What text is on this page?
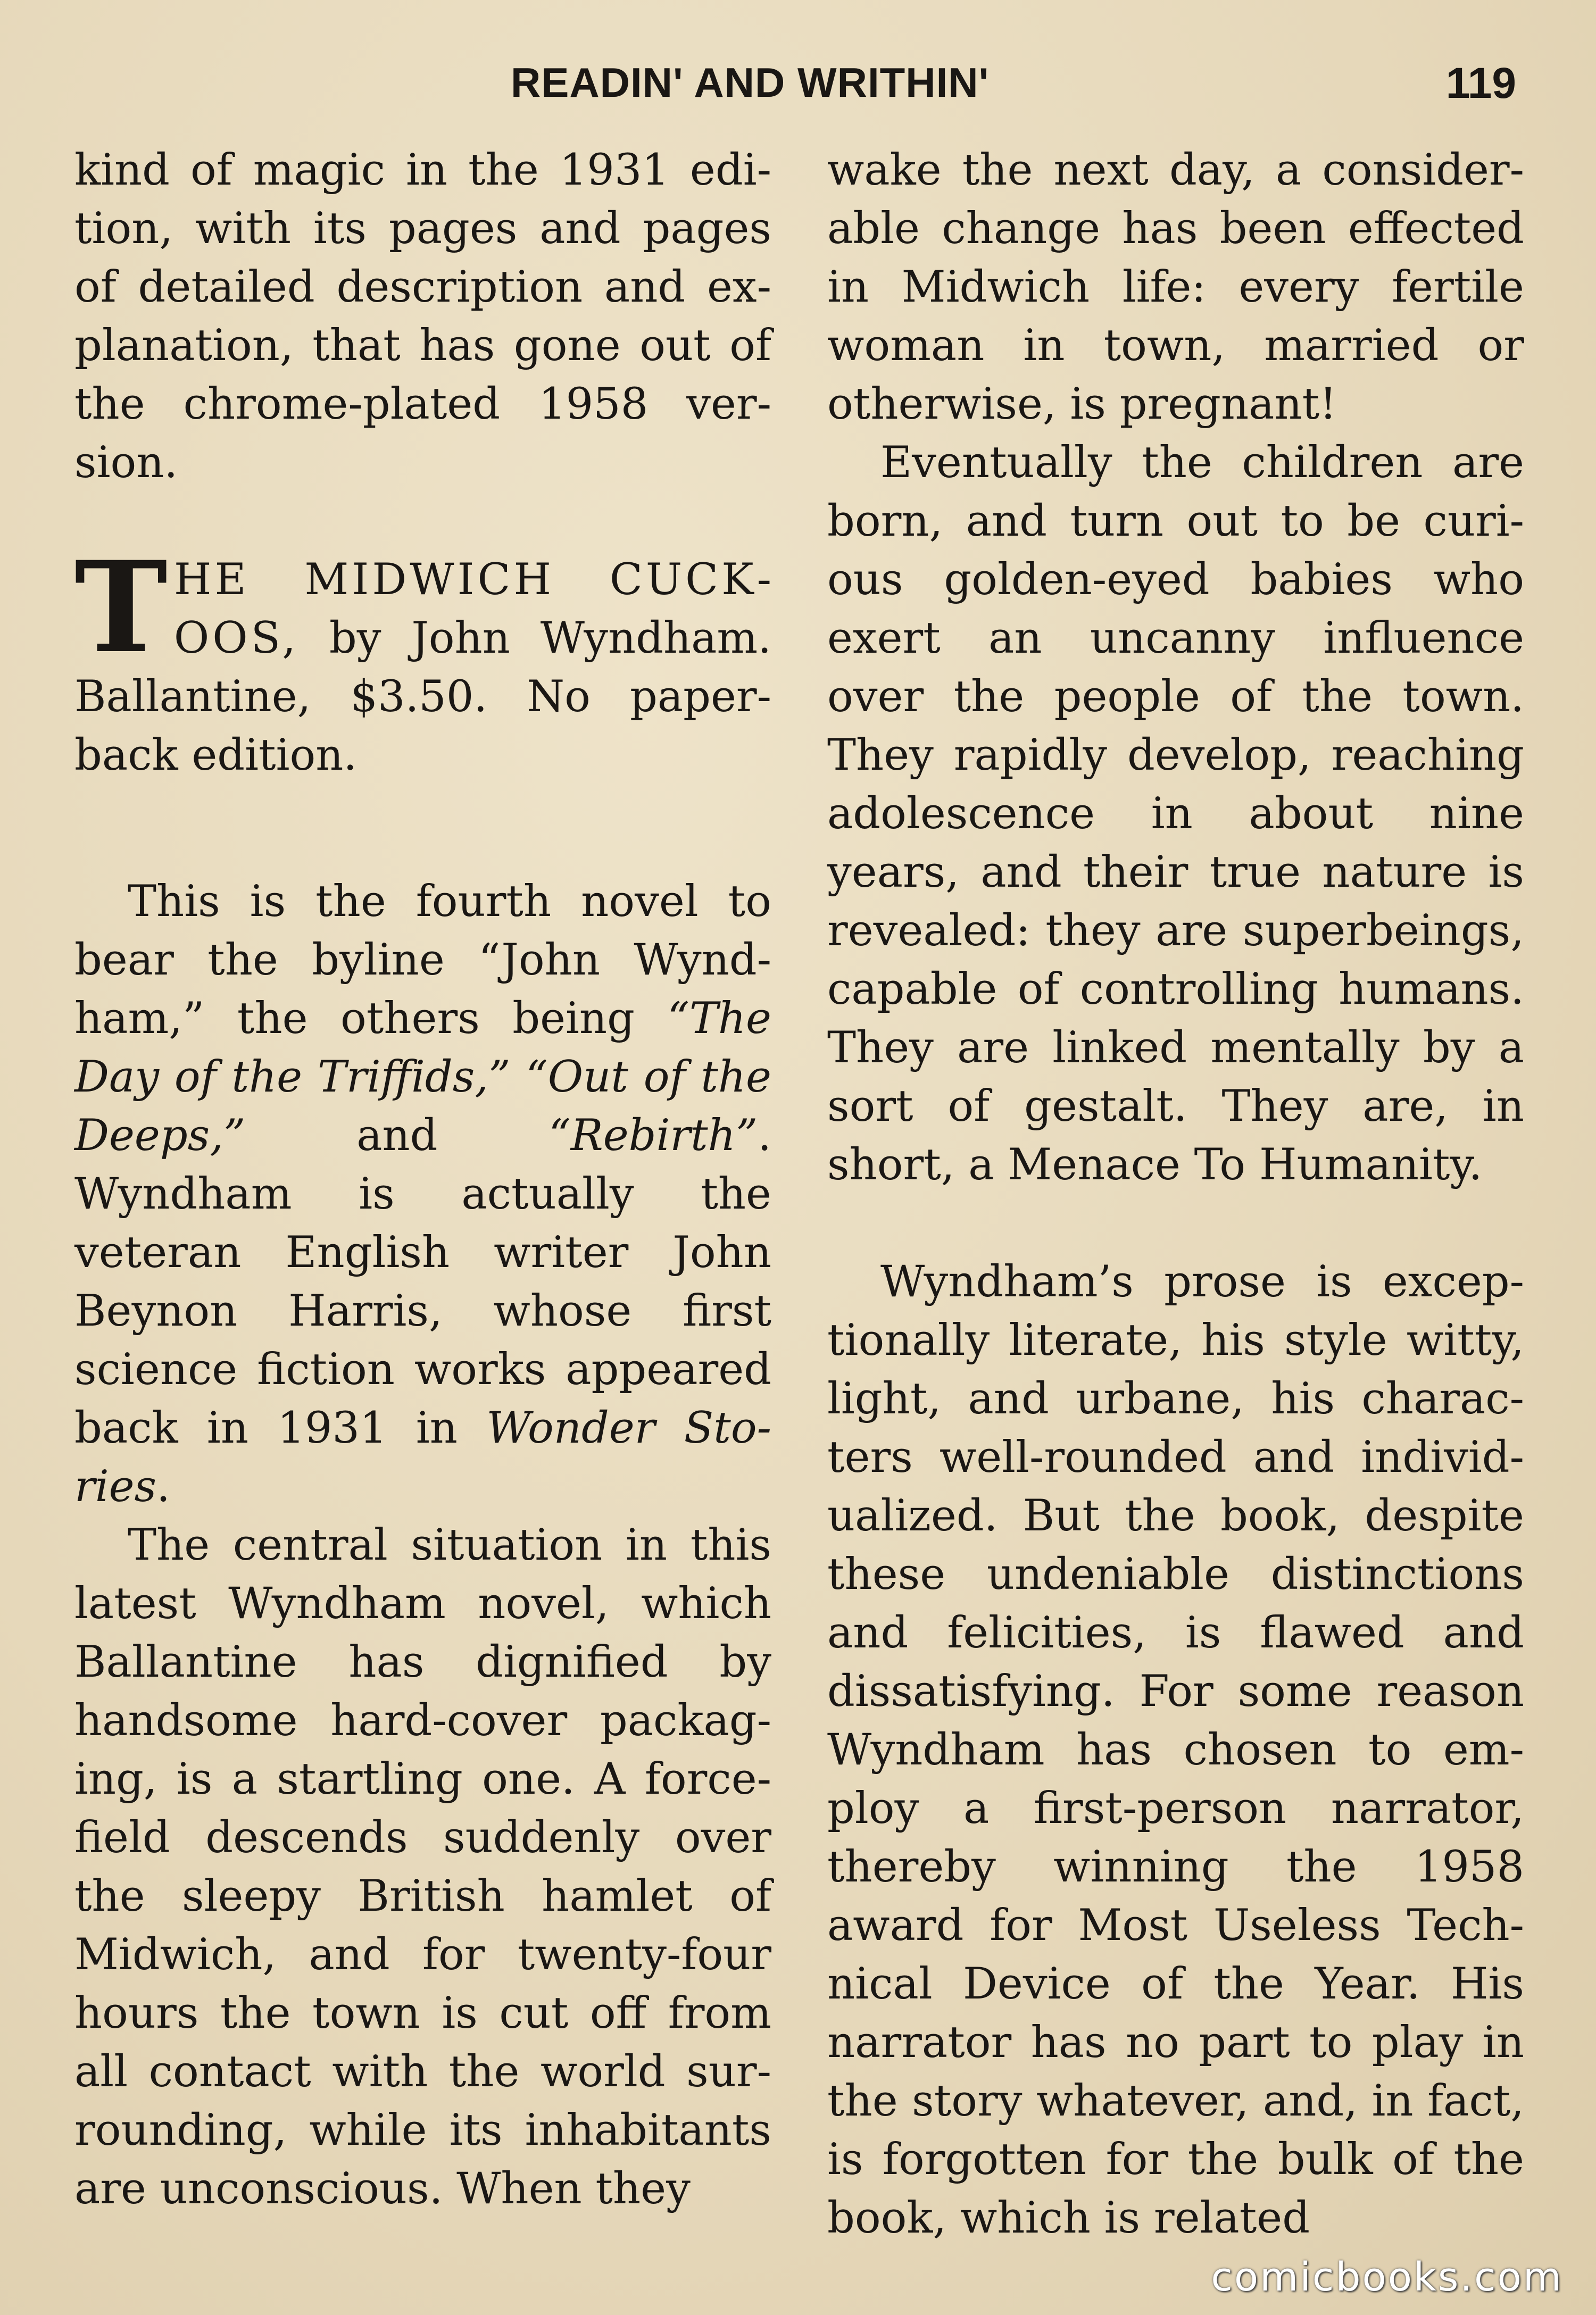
READIN' AND WRITHIN'	119

kind of magic in the 1931 edition, with its pages and pages of detailed description and explanation, that has gone out of the chrome-plated 1958 version.

THE MIDWICH CUCKOOS, by John Wyndham. Ballantine, $3.50. No paperback edition.

This is the fourth novel to bear the byline “John Wyndham,” the others being “The Day of the Triffids,” “Out of the Deeps,” and “Rebirth”. Wyndham is actually the veteran English writer John Beynon Harris, whose first science fiction works appeared back in 1931 in Wonder Stories.

The central situation in this latest Wyndham novel, which Ballantine has dignified by handsome hard-cover packaging, is a startling one. A forcefield descends suddenly over the sleepy British hamlet of Midwich, and for twenty-four hours the town is cut off from all contact with the world surrounding, while its inhabitants are unconscious. When they

wake the next day, a considerable change has been effected in Midwich life: every fertile woman in town, married or otherwise, is pregnant!

Eventually the children are born, and turn out to be curious golden-eyed babies who exert an uncanny influence over the people of the town. They rapidly develop, reaching adolescence in about nine years, and their true nature is revealed: they are superbeings, capable of controlling humans. They are linked mentally by a sort of gestalt. They are, in short, a Menace To Humanity.

Wyndham’s prose is exceptionally literate, his style witty, light, and urbane, his characters well-rounded and individualized. But the book, despite these undeniable distinctions and felicities, is flawed and dissatisfying. For some reason Wyndham has chosen to employ a first-person narrator, thereby winning the 1958 award for Most Useless Technical Device of the Year. His narrator has no part to play in the story whatever, and, in fact, is forgotten for the bulk of the book, which is related

comicbooks.com
